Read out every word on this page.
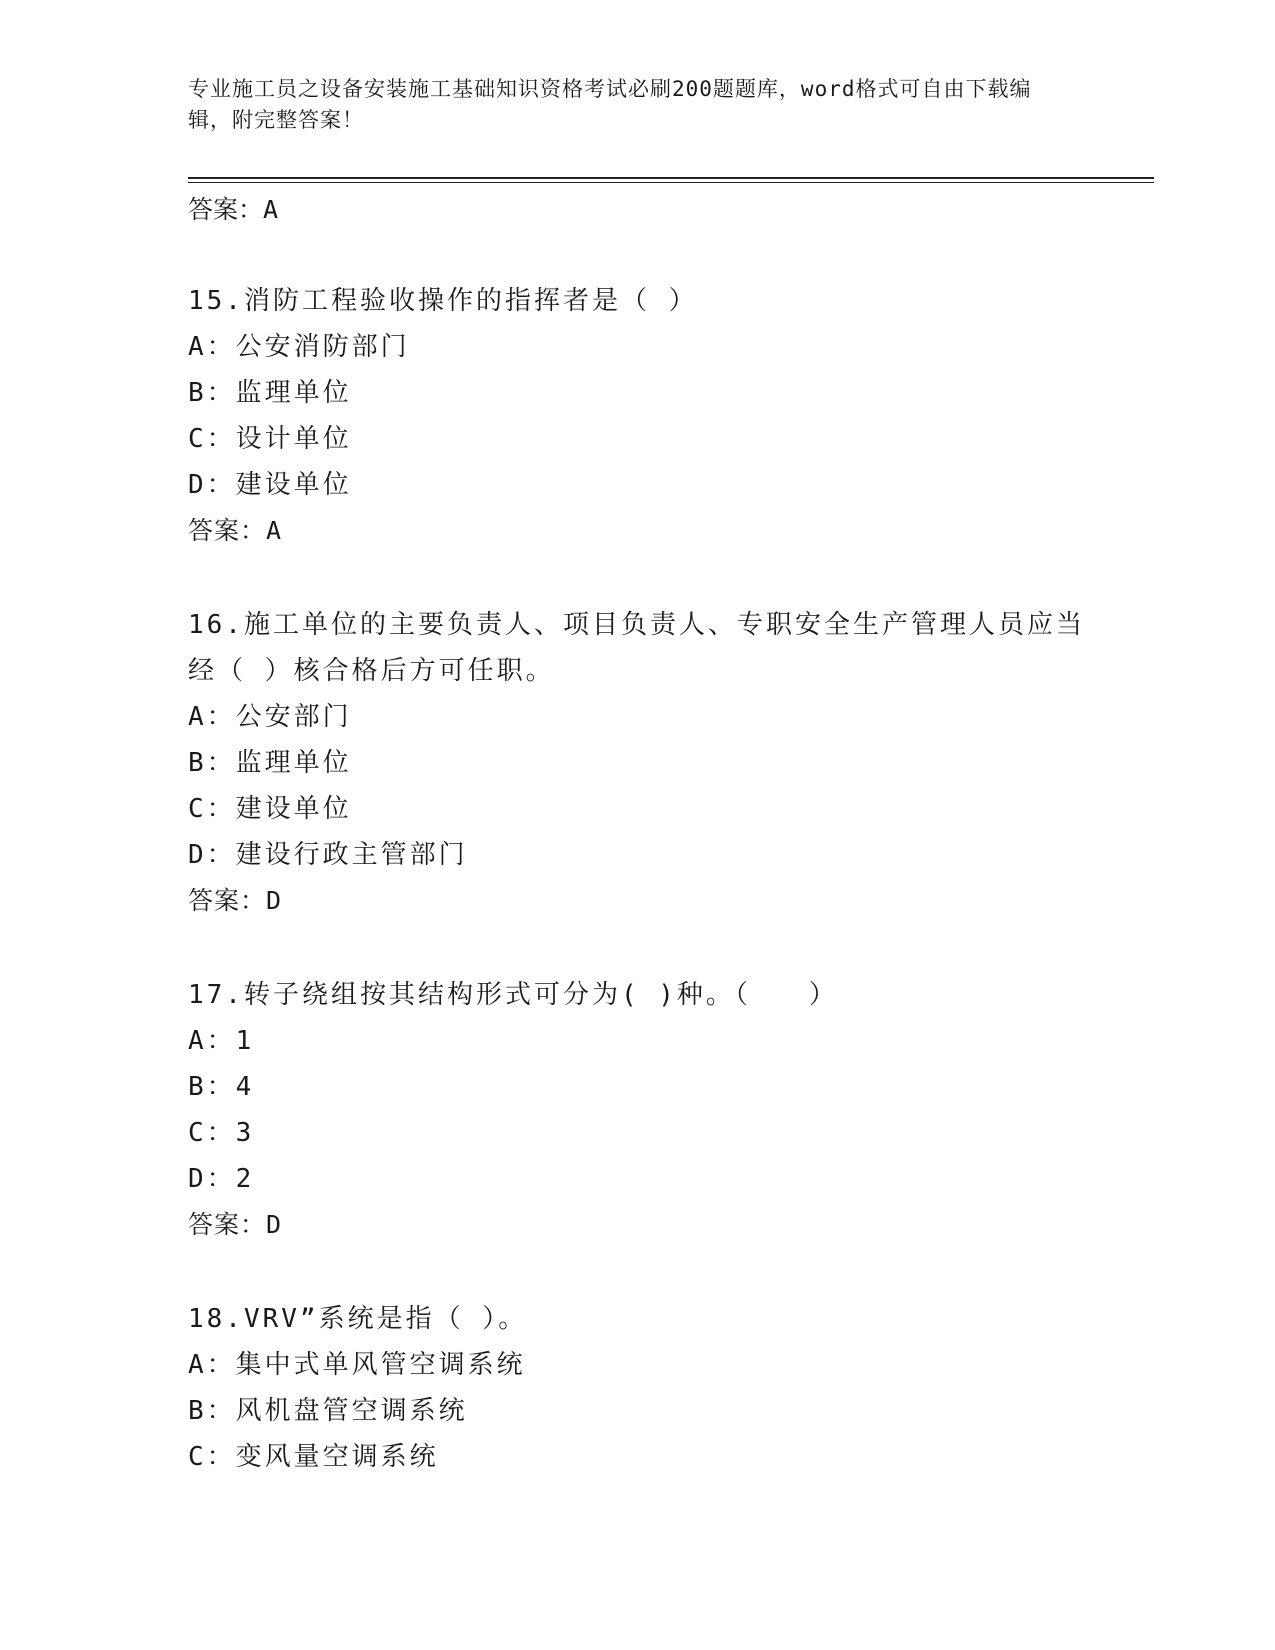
专业施工员之设备安装施工基础知识资格考试必刷200题题库，word格式可自由下载编辑，附完整答案！

答案：A

15.消防工程验收操作的指挥者是（ ）

A：公安消防部门

B：监理单位

C：设计单位

D：建设单位

答案：A

16.施工单位的主要负责人、项目负责人、专职安全生产管理人员应当经（ ）核合格后方可任职。

A：公安部门

B：监理单位

C：建设单位

D：建设行政主管部门

答案：D

17.转子绕组按其结构形式可分为( )种。（　　）

A：1

B：4

C：3

D：2

答案：D

18.VRV”系统是指（ ）。

A：集中式单风管空调系统

B：风机盘管空调系统

C：变风量空调系统
